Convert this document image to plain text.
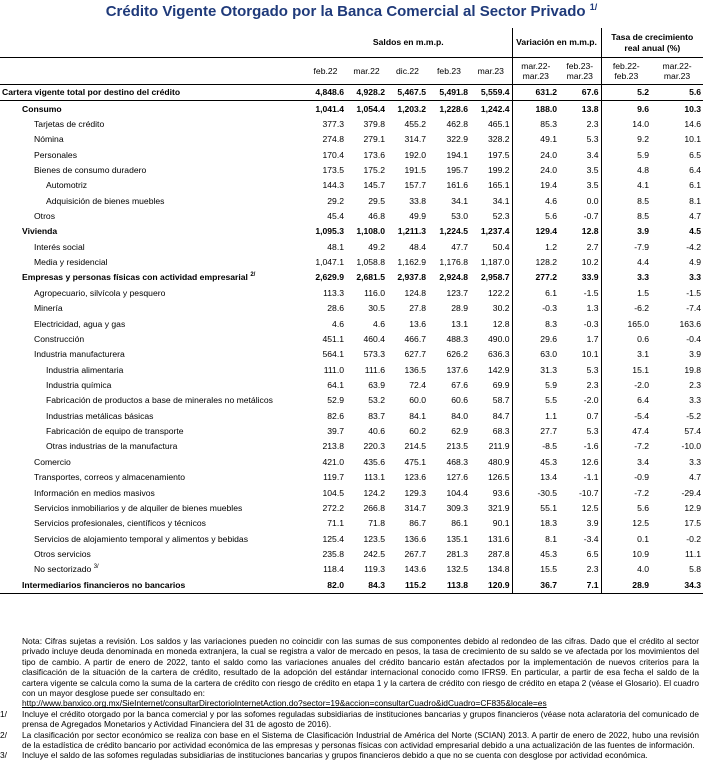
Crédito Vigente Otorgado por la Banca Comercial al Sector Privado $^{1/}$
	Saldos en m.m.p.					Variación en m.m.p.		Tasa de crecimiento real anual (%)	
	feb.22	mar.22	dic.22	feb.23	mar.23	mar.22- mar.23	feb.23- mar.23	feb.22- feb.23	mar.22- mar.23
Cartera vigente total por destino del crédito	4,848.6	4,928.2	5,467.5	5,491.8	5,559.4	631.2	67.6	5.2	5.6
Consumo	1,041.4	1,054.4	1,203.2	1,228.6	1,242.4	188.0	13.8	9.6	10.3
Tarjetas de crédito	377.3	379.8	455.2	462.8	465.1	85.3	2.3	14.0	14.6
Nómina	274.8	279.1	314.7	322.9	328.2	49.1	5.3	9.2	10.1
Personales	170.4	173.6	192.0	194.1	197.5	24.0	3.4	5.9	6.5
Bienes de consumo duradero	173.5	175.2	191.5	195.7	199.2	24.0	3.5	4.8	6.4
Automotriz	144.3	145.7	157.7	161.6	165.1	19.4	3.5	4.1	6.1
Adquisición de bienes muebles	29.2	29.5	33.8	34.1	34.1	4.6	0.0	8.5	8.1
Otros	45.4	46.8	49.9	53.0	52.3	5.6	-0.7	8.5	4.7
Vivienda	1,095.3	1,108.0	1,211.3	1,224.5	1,237.4	129.4	12.8	3.9	4.5
Interés social	48.1	49.2	48.4	47.7	50.4	1.2	2.7	-7.9	-4.2
Media y residencial	1,047.1	1,058.8	1,162.9	1,176.8	1,187.0	128.2	10.2	4.4	4.9
Empresas y personas físicas con actividad empresarial $^{2/}$	2,629.9	2,681.5	2,937.8	2,924.8	2,958.7	277.2	33.9	3.3	3.3
Agropecuario, silvícola y pesquero	113.3	116.0	124.8	123.7	122.2	6.1	-1.5	1.5	-1.5
Minería	28.6	30.5	27.8	28.9	30.2	-0.3	1.3	-6.2	-7.4
Electricidad, agua y gas	4.6	4.6	13.6	13.1	12.8	8.3	-0.3	165.0	163.6
Construcción	451.1	460.4	466.7	488.3	490.0	29.6	1.7	0.6	-0.4
Industria manufacturera	564.1	573.3	627.7	626.2	636.3	63.0	10.1	3.1	3.9
Industria alimentaria	111.0	111.6	136.5	137.6	142.9	31.3	5.3	15.1	19.8
Industria química	64.1	63.9	72.4	67.6	69.9	5.9	2.3	-2.0	2.3
Fabricación de productos a base de minerales no metálicos	52.9	53.2	60.0	60.6	58.7	5.5	-2.0	6.4	3.3
Industrias metálicas básicas	82.6	83.7	84.1	84.0	84.7	1.1	0.7	-5.4	-5.2
Fabricación de equipo de transporte	39.7	40.6	60.2	62.9	68.3	27.7	5.3	47.4	57.4
Otras industrias de la manufactura	213.8	220.3	214.5	213.5	211.9	-8.5	-1.6	-7.2	-10.0
Comercio	421.0	435.6	475.1	468.3	480.9	45.3	12.6	3.4	3.3
Transportes, correos y almacenamiento	119.7	113.1	123.6	127.6	126.5	13.4	-1.1	-0.9	4.7
Información en medios masivos	104.5	124.2	129.3	104.4	93.6	-30.5	-10.7	-7.2	-29.4
Servicios inmobiliarios y de alquiler de bienes muebles	272.2	266.8	314.7	309.3	321.9	55.1	12.5	5.6	12.9
Servicios profesionales, científicos y técnicos	71.1	71.8	86.7	86.1	90.1	18.3	3.9	12.5	17.5
Servicios de alojamiento temporal y alimentos y bebidas	125.4	123.5	136.6	135.1	131.6	8.1	-3.4	0.1	-0.2
Otros servicios	235.8	242.5	267.7	281.3	287.8	45.3	6.5	10.9	11.1
No sectorizado $^{3/}$	118.4	119.3	143.6	132.5	134.8	15.5	2.3	4.0	5.8
Intermediarios financieros no bancarios	82.0	84.3	115.2	113.8	120.9	36.7	7.1	28.9	34.3
Nota: Cifras sujetas a revisión. Los saldos y las variaciones pueden no coincidir con las sumas de sus componentes debido al redondeo de las cifras. Dado que el crédito al sector privado incluye deuda denominada en moneda extranjera, la cual se registra a valor de mercado en pesos, la tasa de crecimiento de su saldo se ve afectada por los movimientos del tipo de cambio. A partir de enero de 2022, tanto el saldo como las variaciones anuales del crédito bancario están afectados por la implementación de nuevos criterios para la clasificación de la situación de la cartera de crédito, resultado de la adopción del estándar internacional conocido como IFRS9. En particular, a partir de esa fecha el saldo de la cartera vigente se calcula como la suma de la cartera de crédito con riesgo de crédito en etapa 1 y la cartera de crédito con riesgo de crédito en etapa 2 (véase el Glosario). El cuadro con un mayor desglose puede ser consultado en:
http://www.banxico.org.mx/SieInternet/consultarDirectorioInternetAction.do?sector=19&accion=consultarCuadro&idCuadro=CF835&locale=es
1/	Incluye el crédito otorgado por la banca comercial y por las sofomes reguladas subsidiarias de instituciones bancarias y grupos financieros (véase nota aclaratoria del comunicado de prensa de Agregados Monetarios y Actividad Financiera del 31 de agosto de 2016).
2/	La clasificación por sector económico se realiza con base en el Sistema de Clasificación Industrial de América del Norte (SCIAN) 2013. A partir de enero de 2022, hubo una revisión de la estadística de crédito bancario por actividad económica de las empresas y personas físicas con actividad empresarial debido a una actualización de las fuentes de información.
3/	Incluye el saldo de las sofomes reguladas subsidiarias de instituciones bancarias y grupos financieros debido a que no se cuenta con desglose por actividad económica.
